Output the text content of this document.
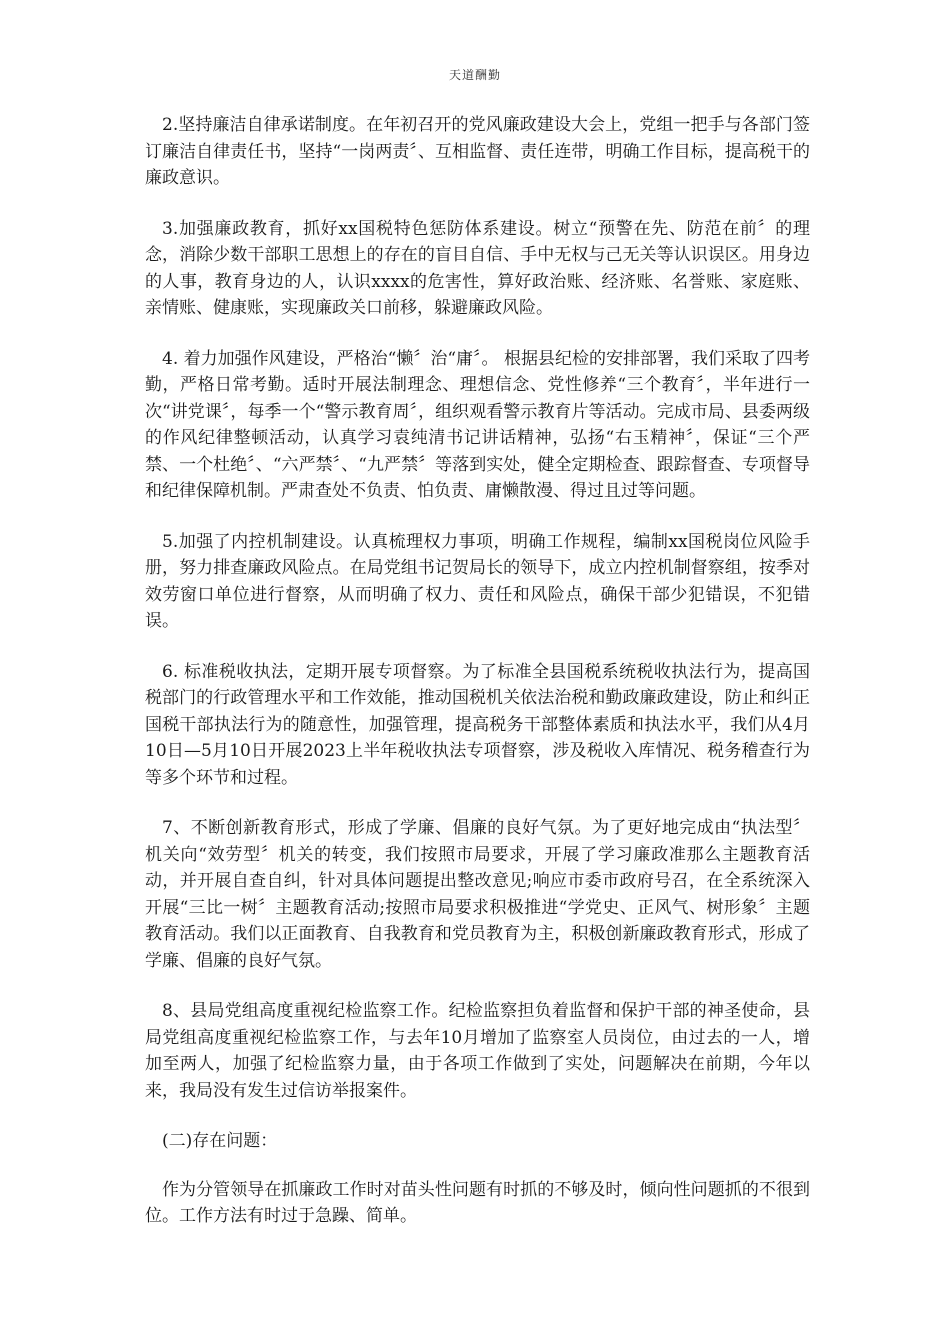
天道酬勤

2.坚持廉洁自律承诺制度。在年初召开的党风廉政建设大会上，党组一把手与各部门签订廉洁自律责任书，坚持“一岗两责〞、互相监督、责任连带，明确工作目标，提高税干的廉政意识。

3.加强廉政教育，抓好xx国税特色惩防体系建设。树立“预警在先、防范在前〞的理念，消除少数干部职工思想上的存在的盲目自信、手中无权与己无关等认识误区。用身边的人事，教育身边的人，认识xxxx的危害性，算好政治账、经济账、名誉账、家庭账、亲情账、健康账，实现廉政关口前移，躲避廉政风险。

4. 着力加强作风建设，严格治“懒〞治“庸〞。 根据县纪检的安排部署，我们采取了四考勤，严格日常考勤。适时开展法制理念、理想信念、党性修养“三个教育〞，半年进行一次“讲党课〞，每季一个“警示教育周〞，组织观看警示教育片等活动。完成市局、县委两级的作风纪律整顿活动，认真学习袁纯清书记讲话精神，弘扬“右玉精神〞，保证“三个严禁、一个杜绝〞、“六严禁〞、“九严禁〞等落到实处，健全定期检查、跟踪督查、专项督导和纪律保障机制。严肃查处不负责、怕负责、庸懒散漫、得过且过等问题。

5.加强了内控机制建设。认真梳理权力事项，明确工作规程，编制xx国税岗位风险手册，努力排查廉政风险点。在局党组书记贺局长的领导下，成立内控机制督察组，按季对效劳窗口单位进行督察，从而明确了权力、责任和风险点，确保干部少犯错误，不犯错误。

6. 标准税收执法，定期开展专项督察。为了标准全县国税系统税收执法行为，提高国税部门的行政管理水平和工作效能，推动国税机关依法治税和勤政廉政建设，防止和纠正国税干部执法行为的随意性，加强管理，提高税务干部整体素质和执法水平，我们从4月10日—5月10日开展2023上半年税收执法专项督察，涉及税收入库情况、税务稽查行为等多个环节和过程。

7、不断创新教育形式，形成了学廉、倡廉的良好气氛。为了更好地完成由“执法型〞机关向“效劳型〞机关的转变，我们按照市局要求，开展了学习廉政准那么主题教育活动，并开展自查自纠，针对具体问题提出整改意见;响应市委市政府号召，在全系统深入开展“三比一树〞主题教育活动;按照市局要求积极推进“学党史、正风气、树形象〞主题教育活动。我们以正面教育、自我教育和党员教育为主，积极创新廉政教育形式，形成了学廉、倡廉的良好气氛。

8、县局党组高度重视纪检监察工作。纪检监察担负着监督和保护干部的神圣使命，县局党组高度重视纪检监察工作，与去年10月增加了监察室人员岗位，由过去的一人，增加至两人，加强了纪检监察力量，由于各项工作做到了实处，问题解决在前期，今年以来，我局没有发生过信访举报案件。

(二)存在问题：

作为分管领导在抓廉政工作时对苗头性问题有时抓的不够及时，倾向性问题抓的不很到位。工作方法有时过于急躁、简单。
